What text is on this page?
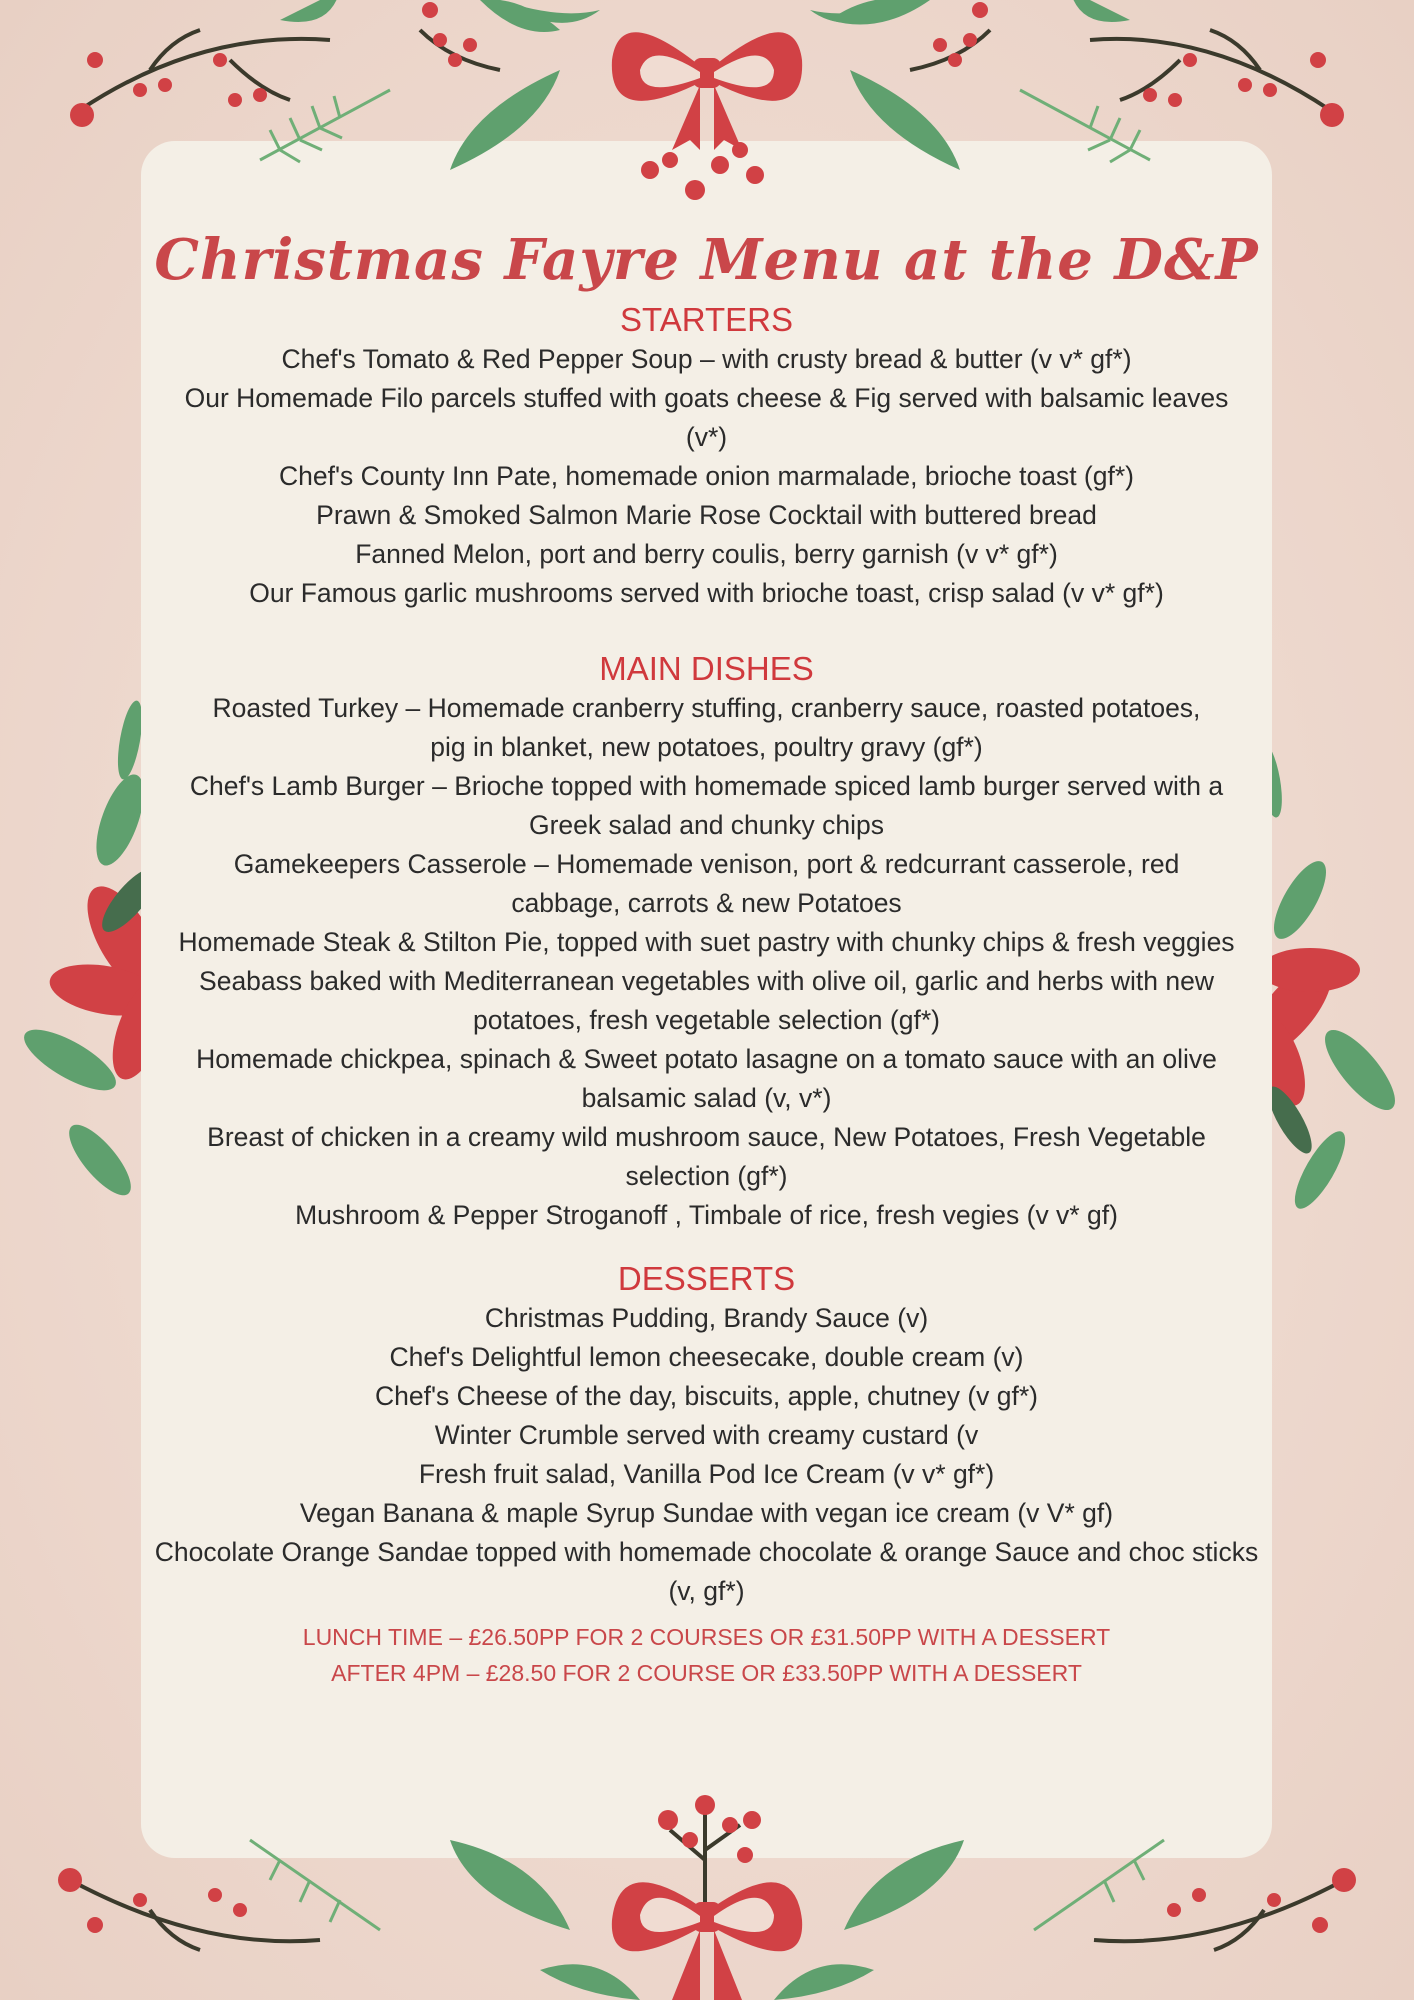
Christmas Fayre Menu at the D&P
STARTERS

Chef's Tomato & Red Pepper Soup – with crusty bread & butter (v v* gf*)

Our Homemade Filo parcels stuffed with goats cheese & Fig served with balsamic leaves (v*)

Chef's County Inn Pate, homemade onion marmalade, brioche toast (gf*)

Prawn & Smoked Salmon Marie Rose Cocktail with buttered bread

Fanned Melon, port and berry coulis, berry garnish (v v* gf*)

Our Famous garlic mushrooms served with brioche toast, crisp salad (v v* gf*)

MAIN DISHES

Roasted Turkey – Homemade cranberry stuffing, cranberry sauce, roasted potatoes, pig in blanket, new potatoes, poultry gravy (gf*)

Chef's Lamb Burger – Brioche topped with homemade spiced lamb burger served with a Greek salad and chunky chips

Gamekeepers Casserole – Homemade venison, port & redcurrant casserole, red cabbage, carrots & new Potatoes

Homemade Steak & Stilton Pie, topped with suet pastry with chunky chips & fresh veggies

Seabass baked with Mediterranean vegetables with olive oil, garlic and herbs with new potatoes, fresh vegetable selection (gf*)

Homemade chickpea, spinach & Sweet potato lasagne on a tomato sauce with an olive balsamic salad (v, v*)

Breast of chicken in a creamy wild mushroom sauce, New Potatoes, Fresh Vegetable selection (gf*)

Mushroom & Pepper Stroganoff , Timbale of rice, fresh vegies (v v* gf)

DESSERTS

Christmas Pudding, Brandy Sauce (v)

Chef's Delightful lemon cheesecake, double cream (v)

Chef's Cheese of the day, biscuits, apple, chutney (v gf*)

Winter Crumble served with creamy custard (v

Fresh fruit salad, Vanilla Pod Ice Cream (v v* gf*)

Vegan Banana & maple Syrup Sundae with vegan ice cream (v V* gf)

Chocolate Orange Sandae topped with homemade chocolate & orange Sauce and choc sticks (v, gf*)

LUNCH TIME – £26.50PP FOR 2 COURSES OR £31.50PP WITH A DESSERT

AFTER 4PM – £28.50 FOR 2 COURSE OR £33.50PP WITH A DESSERT
